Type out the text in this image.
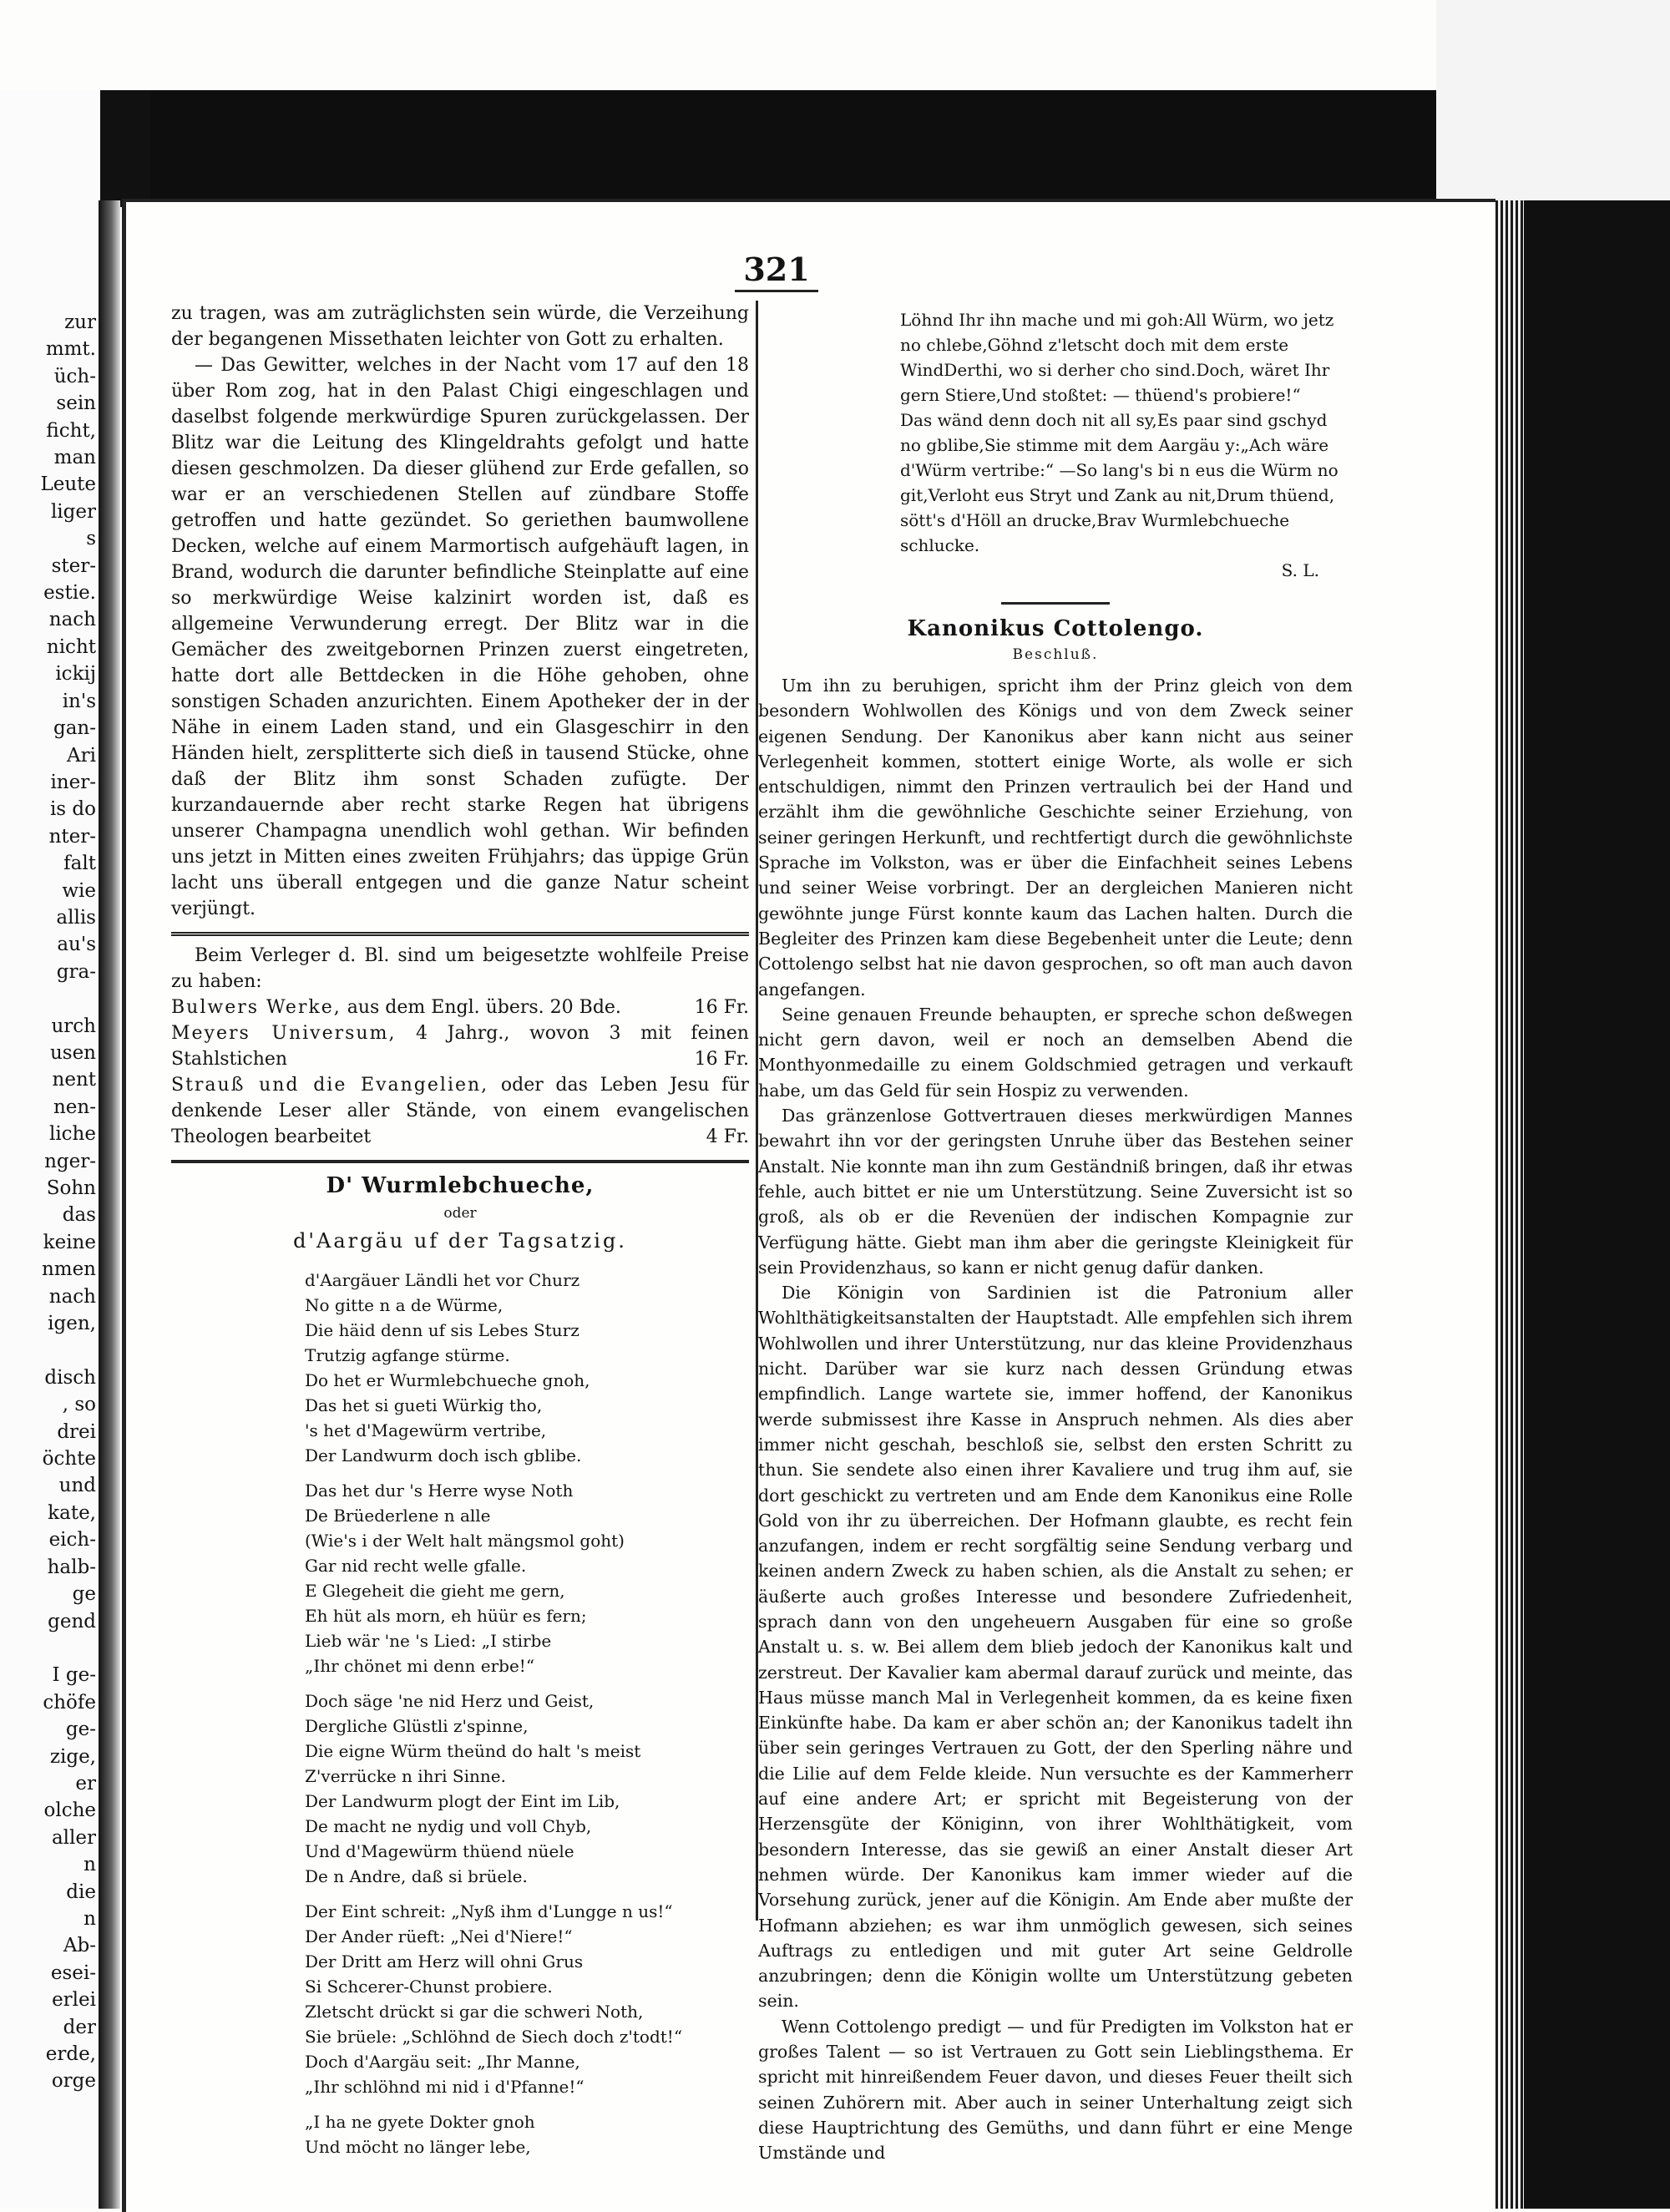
zur
mmt.
üch-
sein
ficht,
man
Leute
liger
s
ster-
estie.
nach
nicht
ickij
in's
gan-
Ari
iner-
is do
nter-
falt
wie
allis
au's
gra-

urch
usen
nent
nen-
liche
nger-
Sohn
das
keine
nmen
nach
igen,

disch
, so
drei
öchte
und
kate,
eich-
halb-
ge
gend

I ge-
chöfe
ge-
zige,
er
olche
aller
n
die
n
Ab-
esei-
erlei
der
erde,
orge
321

zu tragen, was am zuträglichsten sein würde, die Verzeihung der begangenen Missethaten leichter von Gott zu erhalten.

— Das Gewitter, welches in der Nacht vom 17 auf den 18 über Rom zog, hat in den Palast Chigi eingeschlagen und daselbst folgende merkwürdige Spuren zurückgelassen. Der Blitz war die Leitung des Klingeldrahts gefolgt und hatte diesen geschmolzen. Da dieser glühend zur Erde gefallen, so war er an verschiedenen Stellen auf zündbare Stoffe getroffen und hatte gezündet. So geriethen baumwollene Decken, welche auf einem Marmortisch aufgehäuft lagen, in Brand, wodurch die darunter befindliche Steinplatte auf eine so merkwürdige Weise kalzinirt worden ist, daß es allgemeine Verwunderung erregt. Der Blitz war in die Gemächer des zweitgebornen Prinzen zuerst eingetreten, hatte dort alle Bettdecken in die Höhe gehoben, ohne sonstigen Schaden anzurichten. Einem Apotheker der in der Nähe in einem Laden stand, und ein Glasgeschirr in den Händen hielt, zersplitterte sich dieß in tausend Stücke, ohne daß der Blitz ihm sonst Schaden zufügte. Der kurzandauernde aber recht starke Regen hat übrigens unserer Champagna unendlich wohl gethan. Wir befinden uns jetzt in Mitten eines zweiten Frühjahrs; das üppige Grün lacht uns überall entgegen und die ganze Natur scheint verjüngt.

Beim Verleger d. Bl. sind um beigesetzte wohlfeile Preise zu haben:

Bulwers Werke, aus dem Engl. übers. 20 Bde.	16 Fr.

Meyers Universum, 4 Jahrg., wovon 3 mit feinen Stahlstichen	16 Fr.

Strauß und die Evangelien, oder das Leben Jesu für denkende Leser aller Stände, von einem evangelischen Theologen bearbeitet	4 Fr.

D' Wurmlebchueche,
oder
d'Aargäu uf der Tagsatzig.
d'Aargäuer Ländli het vor Churz
No gitte n a de Würme,
Die häid denn uf sis Lebes Sturz
Trutzig agfange stürme.
Do het er Wurmlebchueche gnoh,
Das het si gueti Würkig tho,
's het d'Magewürm vertribe,
Der Landwurm doch isch gblibe.
Das het dur 's Herre wyse Noth
De Brüederlene n alle
(Wie's i der Welt halt mängsmol goht)
Gar nid recht welle gfalle.
E Glegeheit die gieht me gern,
Eh hüt als morn, eh hüür es fern;
Lieb wär 'ne 's Lied: „I stirbe
„Ihr chönet mi denn erbe!“
Doch säge 'ne nid Herz und Geist,
Dergliche Glüstli z'spinne,
Die eigne Würm theünd do halt 's meist
Z'verrücke n ihri Sinne.
Der Landwurm plogt der Eint im Lib,
De macht ne nydig und voll Chyb,
Und d'Magewürm thüend nüele
De n Andre, daß si brüele.
Der Eint schreit: „Nyß ihm d'Lungge n us!“
Der Ander rüeft: „Nei d'Niere!“
Der Dritt am Herz will ohni Grus
Si Schcerer-Chunst probiere.
Zletscht drückt si gar die schweri Noth,
Sie brüele: „Schlöhnd de Siech doch z'todt!“
Doch d'Aargäu seit: „Ihr Manne,
„Ihr schlöhnd mi nid i d'Pfanne!“
„I ha ne gyete Dokter gnoh
Und möcht no länger lebe,
Löhnd Ihr ihn mache und mi goh:All Würm, wo jetz no chlebe,Göhnd z'letscht doch mit dem erste WindDerthi, wo si derher cho sind.Doch, wäret Ihr gern Stiere,Und stoßtet: — thüend's probiere!“
Das wänd denn doch nit all sy,Es paar sind gschyd no gblibe,Sie stimme mit dem Aargäu y:„Ach wäre d'Würm vertribe:“ —So lang's bi n eus die Würm no git,Verloht eus Stryt und Zank au nit,Drum thüend, sött's d'Höll an drucke,Brav Wurmlebchueche schlucke.
S. L.
Kanonikus Cottolengo.
Beschluß.

Um ihn zu beruhigen, spricht ihm der Prinz gleich von dem besondern Wohlwollen des Königs und von dem Zweck seiner eigenen Sendung. Der Kanonikus aber kann nicht aus seiner Verlegenheit kommen, stottert einige Worte, als wolle er sich entschuldigen, nimmt den Prinzen vertraulich bei der Hand und erzählt ihm die gewöhnliche Geschichte seiner Erziehung, von seiner geringen Herkunft, und rechtfertigt durch die gewöhnlichste Sprache im Volkston, was er über die Einfachheit seines Lebens und seiner Weise vorbringt. Der an dergleichen Manieren nicht gewöhnte junge Fürst konnte kaum das Lachen halten. Durch die Begleiter des Prinzen kam diese Begebenheit unter die Leute; denn Cottolengo selbst hat nie davon gesprochen, so oft man auch davon angefangen.

Seine genauen Freunde behaupten, er spreche schon deßwegen nicht gern davon, weil er noch an demselben Abend die Monthyonmedaille zu einem Goldschmied getragen und verkauft habe, um das Geld für sein Hospiz zu verwenden.

Das gränzenlose Gottvertrauen dieses merkwürdigen Mannes bewahrt ihn vor der geringsten Unruhe über das Bestehen seiner Anstalt. Nie konnte man ihn zum Geständniß bringen, daß ihr etwas fehle, auch bittet er nie um Unterstützung. Seine Zuversicht ist so groß, als ob er die Revenüen der indischen Kompagnie zur Verfügung hätte. Giebt man ihm aber die geringste Kleinigkeit für sein Providenzhaus, so kann er nicht genug dafür danken.

Die Königin von Sardinien ist die Patronium aller Wohlthätigkeitsanstalten der Hauptstadt. Alle empfehlen sich ihrem Wohlwollen und ihrer Unterstützung, nur das kleine Providenzhaus nicht. Darüber war sie kurz nach dessen Gründung etwas empfindlich. Lange wartete sie, immer hoffend, der Kanonikus werde submissest ihre Kasse in Anspruch nehmen. Als dies aber immer nicht geschah, beschloß sie, selbst den ersten Schritt zu thun. Sie sendete also einen ihrer Kavaliere und trug ihm auf, sie dort geschickt zu vertreten und am Ende dem Kanonikus eine Rolle Gold von ihr zu überreichen. Der Hofmann glaubte, es recht fein anzufangen, indem er recht sorgfältig seine Sendung verbarg und keinen andern Zweck zu haben schien, als die Anstalt zu sehen; er äußerte auch großes Interesse und besondere Zufriedenheit, sprach dann von den ungeheuern Ausgaben für eine so große Anstalt u. s. w. Bei allem dem blieb jedoch der Kanonikus kalt und zerstreut. Der Kavalier kam abermal darauf zurück und meinte, das Haus müsse manch Mal in Verlegenheit kommen, da es keine fixen Einkünfte habe. Da kam er aber schön an; der Kanonikus tadelt ihn über sein geringes Vertrauen zu Gott, der den Sperling nähre und die Lilie auf dem Felde kleide. Nun versuchte es der Kammerherr auf eine andere Art; er spricht mit Begeisterung von der Herzensgüte der Königinn, von ihrer Wohlthätigkeit, vom besondern Interesse, das sie gewiß an einer Anstalt dieser Art nehmen würde. Der Kanonikus kam immer wieder auf die Vorsehung zurück, jener auf die Königin. Am Ende aber mußte der Hofmann abziehen; es war ihm unmöglich gewesen, sich seines Auftrags zu entledigen und mit guter Art seine Geldrolle anzubringen; denn die Königin wollte um Unterstützung gebeten sein.

Wenn Cottolengo predigt — und für Predigten im Volkston hat er großes Talent — so ist Vertrauen zu Gott sein Lieblingsthema. Er spricht mit hinreißendem Feuer davon, und dieses Feuer theilt sich seinen Zuhörern mit. Aber auch in seiner Unterhaltung zeigt sich diese Hauptrichtung des Gemüths, und dann führt er eine Menge Umstände und
